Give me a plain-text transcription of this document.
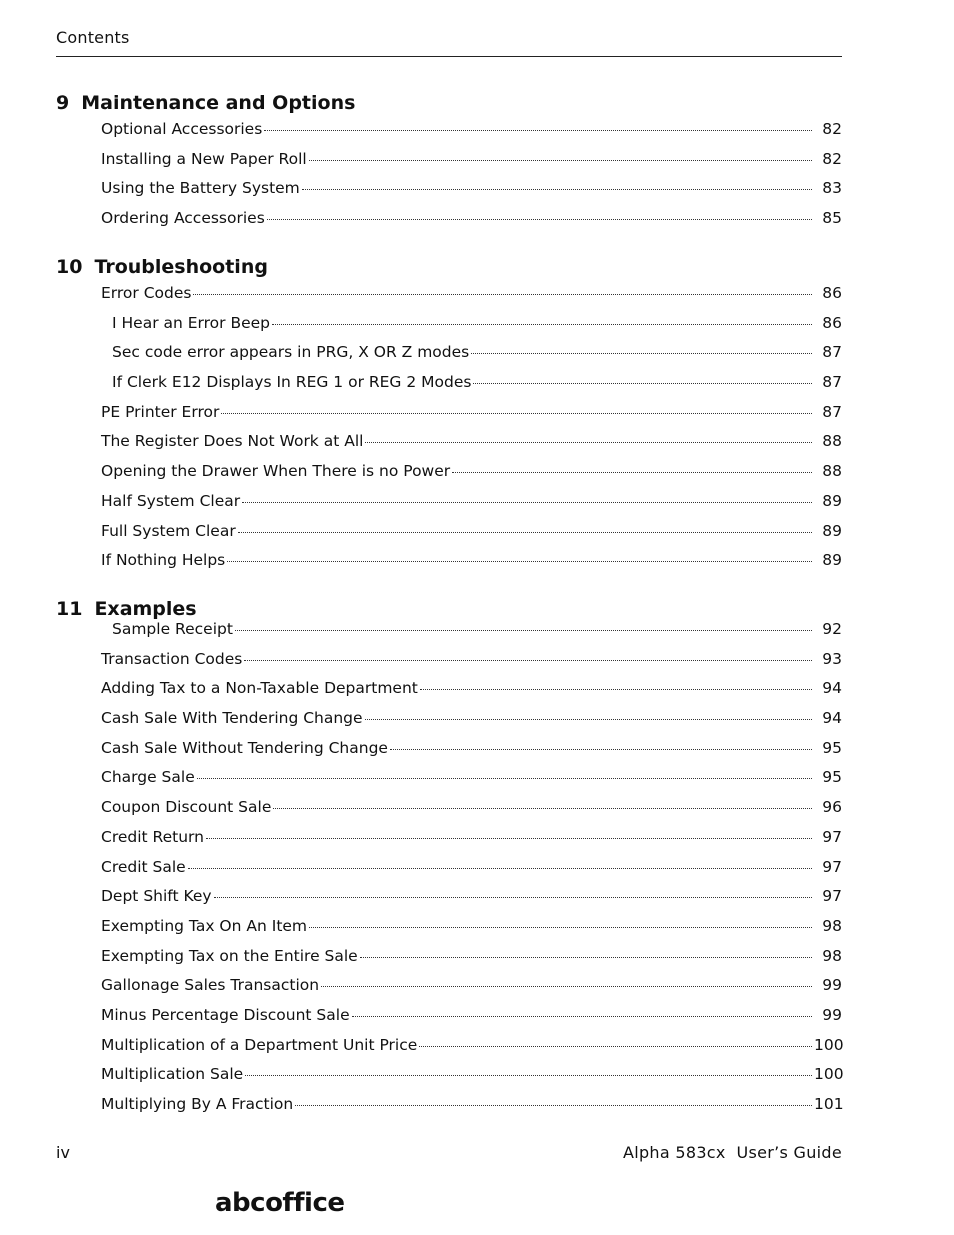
Contents
9 Maintenance and Options
Optional Accessories	82
Installing a New Paper Roll	82
Using the Battery System	83
Ordering Accessories	85
10 Troubleshooting
Error Codes	86
I Hear an Error Beep	86
Sec code error appears in PRG, X OR Z modes	87
If Clerk E12 Displays In REG 1 or REG 2 Modes	87
PE Printer Error	87
The Register Does Not Work at All	88
Opening the Drawer When There is no Power	88
Half System Clear	89
Full System Clear	89
If Nothing Helps	89
11 Examples
Sample Receipt	92
Transaction Codes	93
Adding Tax to a Non-Taxable Department	94
Cash Sale With Tendering Change	94
Cash Sale Without Tendering Change	95
Charge Sale	95
Coupon Discount Sale	96
Credit Return	97
Credit Sale	97
Dept Shift Key	97
Exempting Tax On An Item	98
Exempting Tax on the Entire Sale	98
Gallonage Sales Transaction	99
Minus Percentage Discount Sale	99
Multiplication of a Department Unit Price	100
Multiplication Sale	100
Multiplying By A Fraction	101
iv	Alpha 583cx  User’s Guide
abcoffice
